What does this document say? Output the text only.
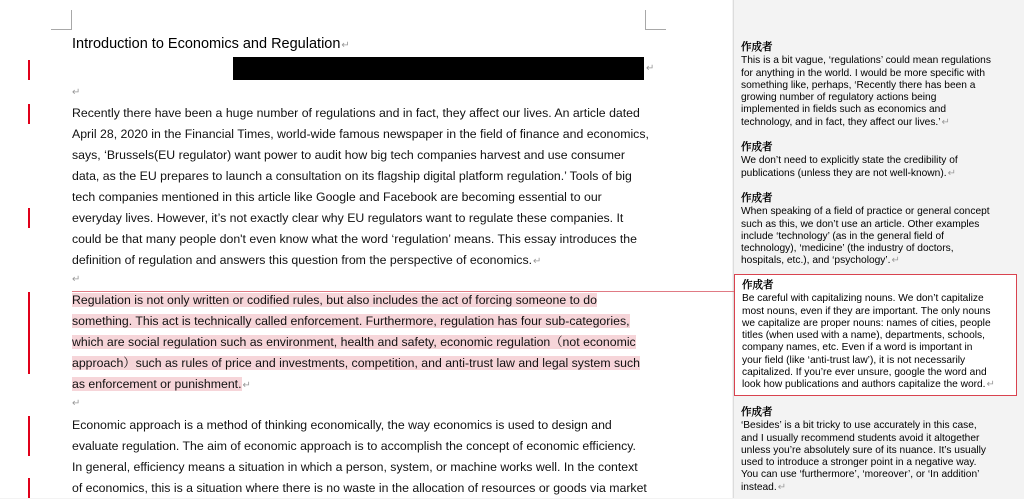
Introduction to Economics and Regulation↵
↵
↵
Recently there have been a huge number of regulations and in fact, they affect our lives. An article dated
April 28, 2020 in the Financial Times, world-wide famous newspaper in the field of finance and economics,
says, ‘Brussels(EU regulator) want power to audit how big tech companies harvest and use consumer
data, as the EU prepares to launch a consultation on its flagship digital platform regulation.’ Tools of big
tech companies mentioned in this article like Google and Facebook are becoming essential to our
everyday lives. However, it’s not exactly clear why EU regulators want to regulate these companies. It
could be that many people don't even know what the word ‘regulation’ means. This essay introduces the
definition of regulation and answers this question from the perspective of economics.↵
↵
Regulation is not only written or codified rules, but also includes the act of forcing someone to do
something. This act is technically called enforcement. Furthermore, regulation has four sub-categories,
which are social regulation such as environment, health and safety, economic regulation（not economic
approach）such as rules of price and investments, competition, and anti-trust law and legal system such
as enforcement or punishment.↵
↵
Economic approach is a method of thinking economically, the way economics is used to design and
evaluate regulation. The aim of economic approach is to accomplish the concept of economic efficiency.
In general, efficiency means a situation in which a person, system, or machine works well. In the context
of economics, this is a situation where there is no waste in the allocation of resources or goods via market
作成者
This is a bit vague, ‘regulations’ could mean regulations
for anything in the world. I would be more specific with
something like, perhaps, ‘Recently there has been a
growing number of regulatory actions being
implemented in fields such as economics and
technology, and in fact, they affect our lives.’↵
作成者
We don’t need to explicitly state the credibility of
publications (unless they are not well-known).↵
作成者
When speaking of a field of practice or general concept
such as this, we don’t use an article. Other examples
include ‘technology’ (as in the general field of
technology), ‘medicine’ (the industry of doctors,
hospitals, etc.), and ‘psychology’.↵
作成者
Be careful with capitalizing nouns. We don’t capitalize
most nouns, even if they are important. The only nouns
we capitalize are proper nouns: names of cities, people
titles (when used with a name), departments, schools,
company names, etc. Even if a word is important in
your field (like ‘anti-trust law’), it is not necessarily
capitalized. If you’re ever unsure, google the word and
look how publications and authors capitalize the word.↵
作成者
‘Besides’ is a bit tricky to use accurately in this case,
and I usually recommend students avoid it altogether
unless you’re absolutely sure of its nuance. It’s usually
used to introduce a stronger point in a negative way.
You can use ‘furthermore’, ‘moreover’, or ‘In addition’
instead.↵
